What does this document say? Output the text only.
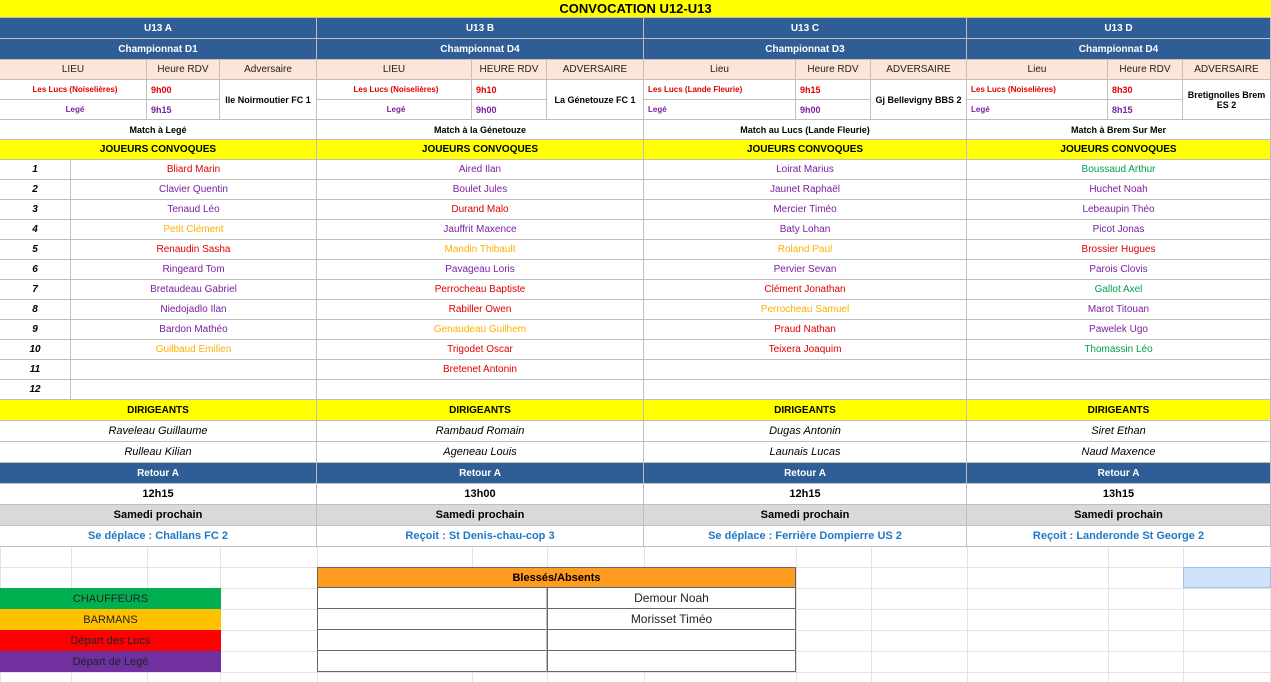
CONVOCATION U12-U13
U13 A
Championnat D1
LIEU	Heure RDV	Adversaire
Les Lucs (Noiselières)	9h00
Legé	9h15
Ile Noirmoutier FC 1
Match à Legé
JOUEURS CONVOQUES
1	Bliard Marin
2	Clavier Quentin
3	Tenaud Léo
4	Petit Clément
5	Renaudin Sasha
6	Ringeard Tom
7	Bretaudeau Gabriel
8	Niedojadlo Ilan
9	Bardon Mathéo
10	Guilbaud Emilien
11
12
DIRIGEANTS
Raveleau Guillaume
Rulleau Kilian
Retour A
12h15
Samedi prochain
Se déplace : Challans FC 2
U13 B
Championnat D4
LIEU	HEURE RDV	ADVERSAIRE
Les Lucs (Noiselières)	9h10
Legé	9h00
La Génetouze FC 1
Match à la Génetouze
JOUEURS CONVOQUES
Aired Ilan
Boulet Jules
Durand Malo
Jauffrit Maxence
Mandin Thibault
Pavageau Loris
Perrocheau Baptiste
Rabiller Owen
Genaudeau Guilhem
Trigodet Oscar
Bretenet Antonin
DIRIGEANTS
Rambaud Romain
Ageneau Louis
Retour A
13h00
Samedi prochain
Reçoit : St Denis-chau-cop 3
U13 C
Championnat D3
Lieu	Heure RDV	ADVERSAIRE
Les Lucs (Lande Fleurie)	9h15
Legé	9h00
Gj Bellevigny BBS 2
Match au Lucs (Lande Fleurie)
JOUEURS CONVOQUES
Loirat Marius
Jaunet Raphaël
Mercier Timéo
Baty Lohan
Roland Paul
Pervier Sevan
Clément Jonathan
Perrocheau Samuel
Praud Nathan
Teixera Joaquim
DIRIGEANTS
Dugas Antonin
Launais Lucas
Retour A
12h15
Samedi prochain
Se déplace : Ferrière Dompierre US 2
U13 D
Championnat D4
Lieu	Heure RDV	ADVERSAIRE
Les Lucs (Noiselières)	8h30
Legé	8h15
Bretignolles Brem ES 2
Match à Brem Sur Mer
JOUEURS CONVOQUES
Boussaud Arthur
Huchet Noah
Lebeaupin Théo
Picot Jonas
Brossier Hugues
Parois Clovis
Gallot Axel
Marot Titouan
Pawelek Ugo
Thomassin Léo
DIRIGEANTS
Siret Ethan
Naud Maxence
Retour A
13h15
Samedi prochain
Reçoit : Landeronde St George 2
Blessés/Absents
Demour Noah
Morisset Timéo
CHAUFFEURS
BARMANS
Départ des Lucs
Départ de Legé
